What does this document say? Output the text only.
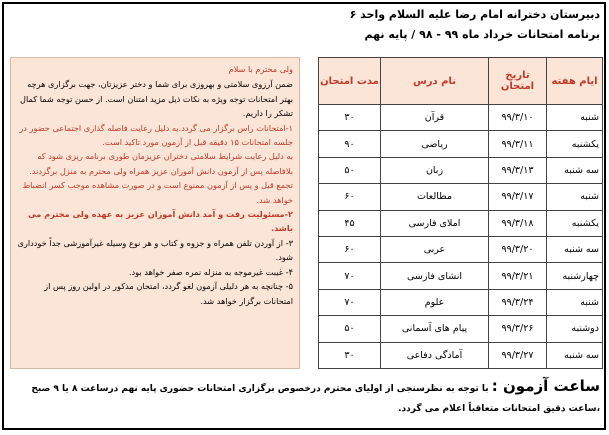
دبیرستان دخترانه امام رضا علیه السلام واحد ۶
برنامه امتحانات خرداد ماه ۹۹ - ۹۸ / پایه نهم
ایام هفته	تاریخ امتحان	نام درس	مدت امتحان
شنبه	۹۹/۳/۱۰	قرآن	۳۰
یکشنبه	۹۹/۳/۱۱	ریاضی	۹۰
سه شنبه	۹۹/۳/۱۳	زبان	۵۰
شنبه	۹۹/۳/۱۷	مطالعات	۶۰
یکشنبه	۹۹/۳/۱۸	املای فارسی	۴۵
سه شنبه	۹۹/۳/۲۰	عربی	۶۰
چهارشنبه	۹۹/۳/۲۱	انشای فارسی	۷۰
شنبه	۹۹/۳/۲۴	علوم	۷۰
دوشنبه	۹۹/۳/۲۶	پیام های آسمانی	۵۰
سه شنبه	۹۹/۳/۲۷	آمادگی دفاعی	۳۰

ولی محترم با سلام

ضمن آرزوی سلامتی و بهروزی برای شما و دختر عزیزتان، جهت برگزاری هرچه بهتر امتحانات توجه ویژه به نکات ذیل مزید امتنان است. از حسن توجه شما کمال تشکر را داریم.

۱-امتحانات راس برگزار می گردد.به دلیل رعایت فاصله گذاری اجتماعی حضور در جلسه امتحانات ۱۵ دقیقه قبل از آزمون مورد تاکید است.

به دلیل رعایت شرایط سلامتی دختران عزیزمان طوری برنامه ریزی شود که بلافاصله پس از آزمون دانش آموزان عزیز همراه ولی محترم به منزل برگردند.

تجمع قبل و پس از آزمون ممنوع است و در صورت مشاهده موجب کسر انضباط خواهد شد.

۲-مسئولیت رفت و آمد دانش آموزان عزیز به عهده ولی محترم می باشد.

۳- از آوردن تلفن همراه و جزوه و کتاب و هر نوع وسیله غیرآموزشی جداً خودداری شود.

۴- غیبت غیرموجه به منزله نمره صفر خواهد بود.

۵- چنانچه به هر دلیلی آزمون لغو گردد، امتحان مذکور در اولین روز پس از امتحانات برگزار خواهد شد.

ساعت آزمون : با توجه به نظرسنجی از اولیای محترم درخصوص برگزاری امتحانات حضوری پایه نهم درساعت ۸ یا ۹ صبح ،ساعت دقیق امتحانات متعاقباً اعلام می گردد.
